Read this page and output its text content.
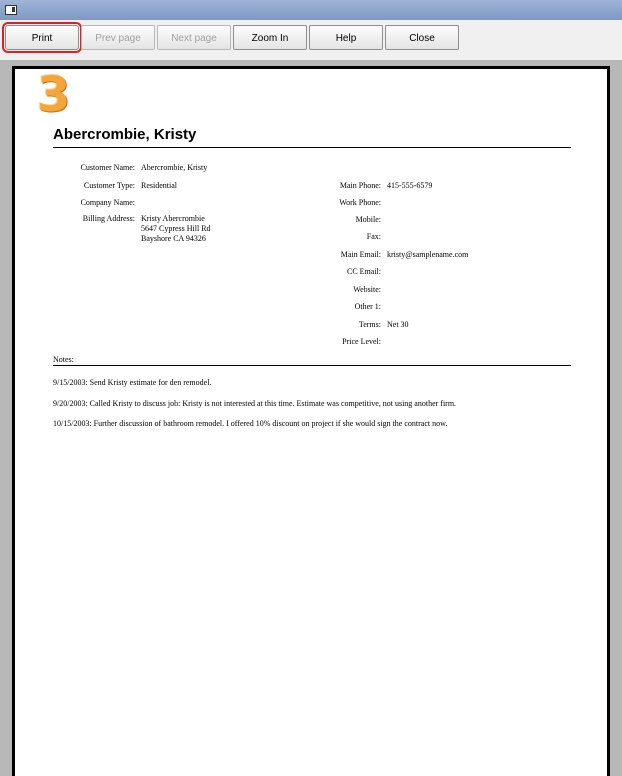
Print	Prev page	Next page	Zoom In	Help	Close
3
Abercrombie, Kristy
Customer Name: Abercrombie, Kristy
Customer Type: Residential
Company Name:
Billing Address: Kristy Abercrombie
5647 Cypress Hill Rd
Bayshore CA 94326
Main Phone: 415-555-6579
Work Phone:
Mobile:
Fax:
Main Email: kristy@samplename.com
CC Email:
Website:
Other 1:
Terms: Net 30
Price Level:
Notes:
9/15/2003: Send Kristy estimate for den remodel.
9/20/2003: Called Kristy to discuss job: Kristy is not interested at this time. Estimate was competitive, not using another firm.
10/15/2003: Further discussion of bathroom remodel. I offered 10% discount on project if she would sign the contract now.
